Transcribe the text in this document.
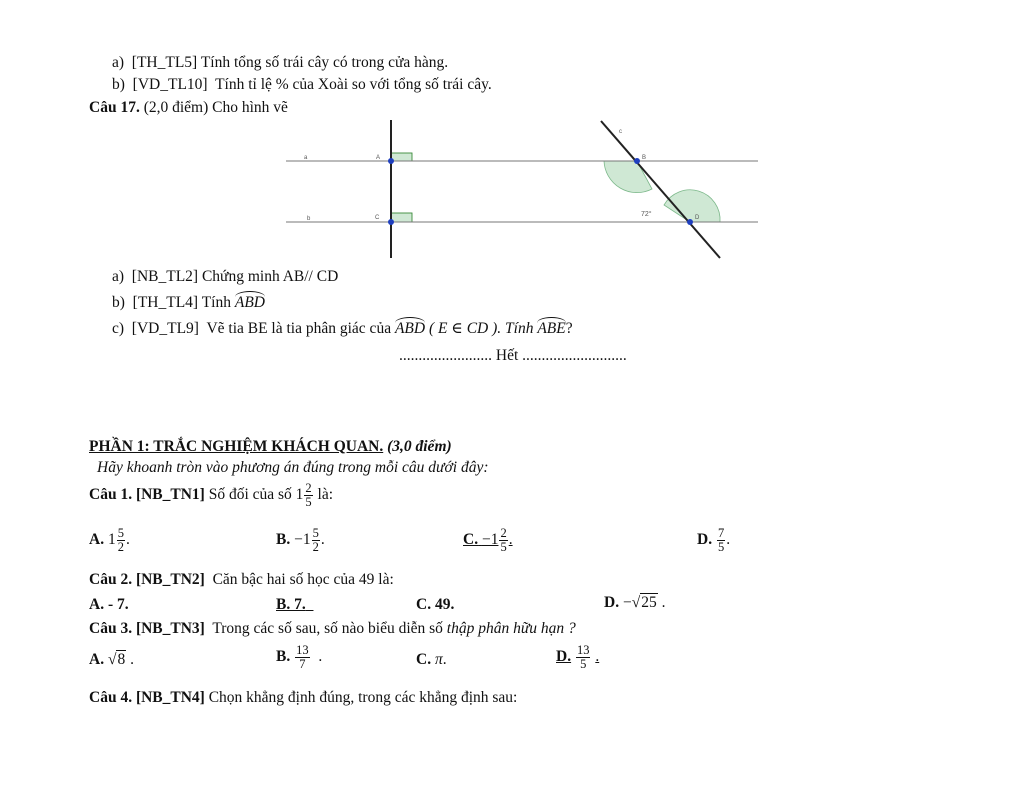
a) [TH_TL5] Tính tổng số trái cây có trong cửa hàng.
b) [VD_TL10] Tính tỉ lệ % của Xoài so với tổng số trái cây.
Câu 17. (2,0 điểm) Cho hình vẽ
a
b
c
A
C
B
D
72°
a) [NB_TL2] Chứng minh AB// CD
b) [TH_TL4] Tính ABD
c) [VD_TL9] Vẽ tia BE là tia phân giác của ABD ( E ∈ CD ). Tính ABE?
........................ Hết ...........................
PHẦN 1: TRẮC NGHIỆM KHÁCH QUAN. (3,0 điểm)
Hãy khoanh tròn vào phương án đúng trong mỗi câu dưới đây:
Câu 1. [NB_TN1] Số đối của số $1 \frac{2}{5}$ là:
A. $1 \frac{5}{2}$ .	B. $-1 \frac{5}{2}$ .	C. $-1 \frac{2}{5}$ .	D. $\frac{7}{5}$ .
Câu 2. [NB_TN2] Căn bậc hai số học của 49 là:
A. - 7.	B. 7.	C. 49.	D. −√25 .
Câu 3. [NB_TN3] Trong các số sau, số nào biểu diễn số thập phân hữu hạn ?
A. √8 .	B. $\frac{13}{7}$ .	C. π.	D. $\frac{13}{5}$ .
Câu 4. [NB_TN4] Chọn khẳng định đúng, trong các khẳng định sau:
